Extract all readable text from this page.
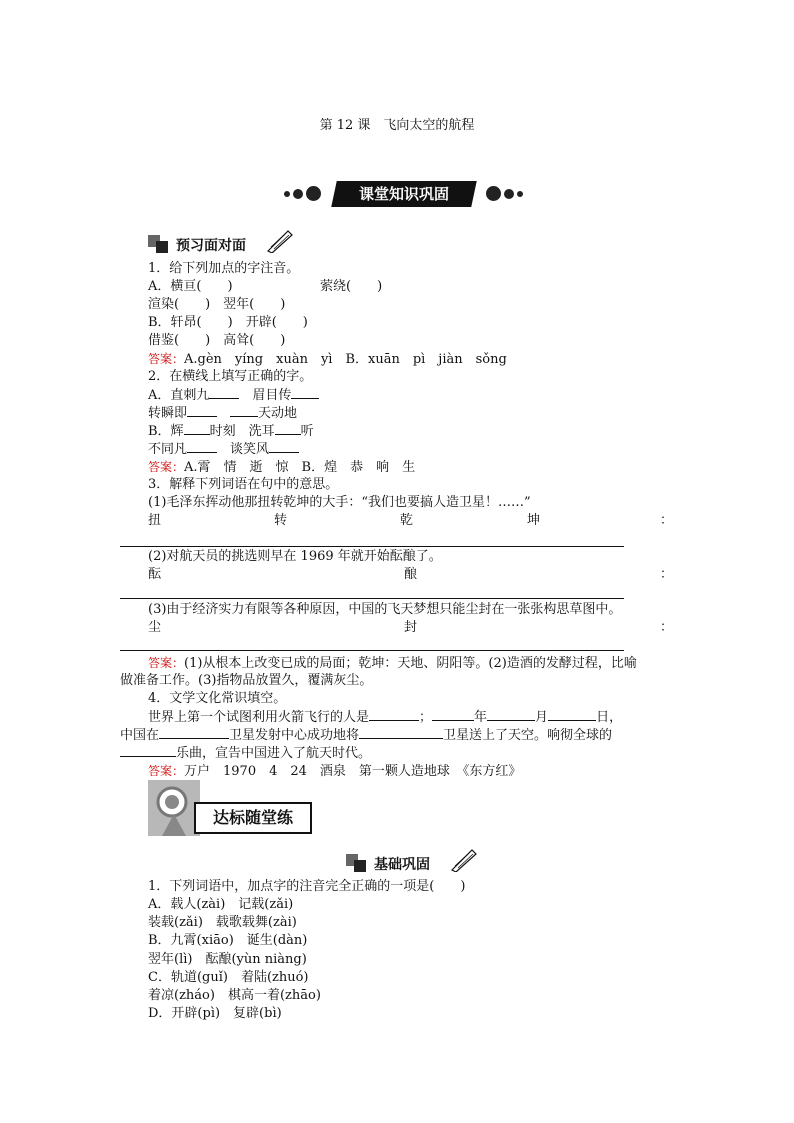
第 12 课　飞向太空的航程
课堂知识巩固
预习面对面
1．给下列加点的字注音。
A．横亘(　　)	萦绕(　　)
渲染(　　)　翌年(　　)
B．轩昂(　　)　开辟(　　)
借鉴(　　)　高耸(　　)
答案：A.gèn　yíng　xuàn　yì　B．xuān　pì　jiàn　sǒng
2．在横线上填写正确的字。
A．直刺九　眉目传
转瞬即　	天动地
B．辉 时刻　洗耳 听
不同凡　谈笑风
答案：A.霄　情　逝　惊　B．煌　恭　响　生
3．解释下列词语在句中的意思。
(1)毛泽东挥动他那扭转乾坤的大手：“我们也要搞人造卫星！……”
扭	转	乾	坤	：
(2)对航天员的挑选则早在 1969 年就开始酝酿了。
酝	酿	：
(3)由于经济实力有限等各种原因，中国的飞天梦想只能尘封在一张张构思草图中。
尘	封	：
答案：(1)从根本上改变已成的局面；乾坤：天地、阴阳等。(2)造酒的发酵过程，比喻
做准备工作。(3)指物品放置久，覆满灰尘。
4．文学文化常识填空。
世界上第一个试图利用火箭飞行的人是	；	年	月	日，
中国在	卫星发射中心成功地将	卫星送上了天空。响彻全球的
乐曲，宣告中国进入了航天时代。
答案：万户　1970　4　24　酒泉　第一颗人造地球　《东方红》
达标随堂练
基础巩固
1．下列词语中，加点字的注音完全正确的一项是(　　)
A．载人(zài)　记载(zǎi)
装载(zǎi)　载歌载舞(zài)
B．九霄(xiāo)　诞生(dàn)
翌年(lì)　酝酿(yùn niàng)
C．轨道(guǐ)　着陆(zhuó)
着凉(zháo)　棋高一着(zhāo)
D．开辟(pì)　复辟(bì)
